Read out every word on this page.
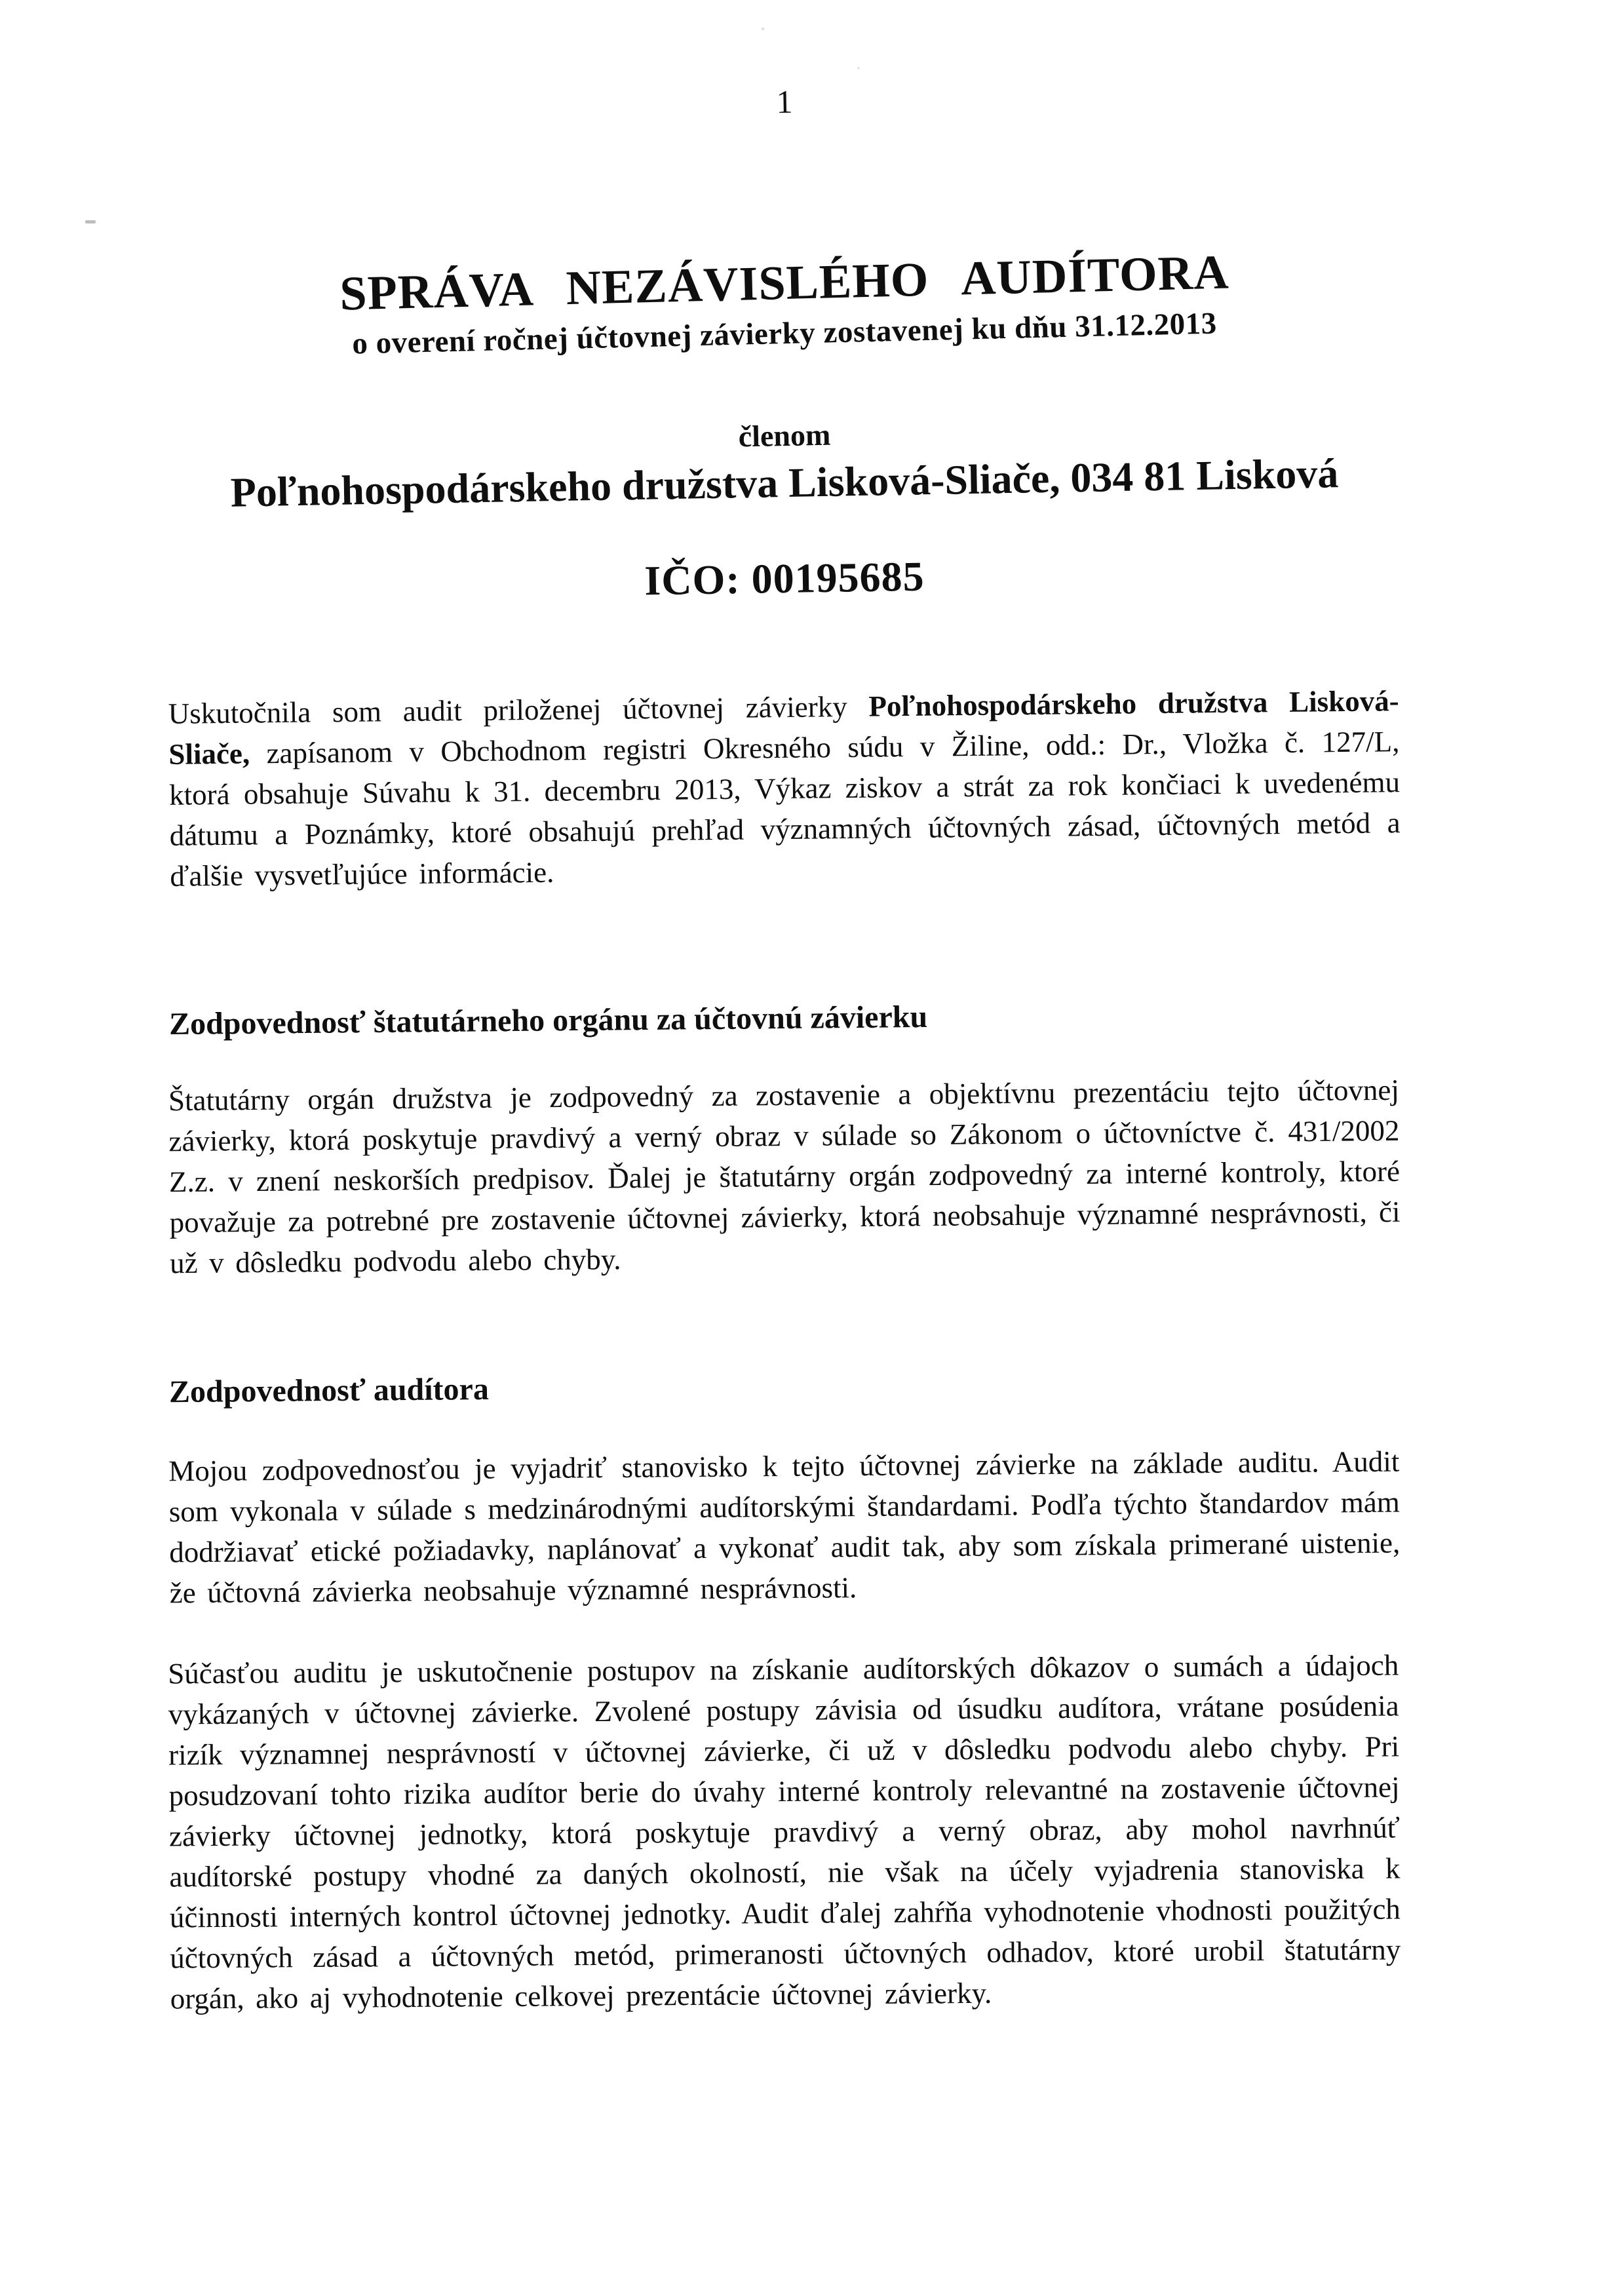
1
SPRÁVA NEZÁVISLÉHO AUDÍTORA
o overení ročnej účtovnej závierky zostavenej ku dňu 31.12.2013
členom
Poľnohospodárskeho družstva Lisková-Sliače, 034 81 Lisková
IČO: 00195685
Uskutočnila som audit priloženej účtovnej závierky Poľnohospodárskeho družstva Lisková-Sliače, zapísanom v Obchodnom registri Okresného súdu v Žiline, odd.: Dr., Vložka č. 127/L, ktorá obsahuje Súvahu k 31. decembru 2013, Výkaz ziskov a strát za rok končiaci k uvedenému dátumu a Poznámky, ktoré obsahujú prehľad významných účtovných zásad, účtovných metód a ďalšie vysvetľujúce informácie.
Zodpovednosť štatutárneho orgánu za účtovnú závierku
Štatutárny orgán družstva je zodpovedný za zostavenie a objektívnu prezentáciu tejto účtovnej závierky, ktorá poskytuje pravdivý a verný obraz v súlade so Zákonom o účtovníctve č. 431/2002 Z.z. v znení neskorších predpisov. Ďalej je štatutárny orgán zodpovedný za interné kontroly, ktoré považuje za potrebné pre zostavenie účtovnej závierky, ktorá neobsahuje významné nesprávnosti, či už v dôsledku podvodu alebo chyby.
Zodpovednosť audítora
Mojou zodpovednosťou je vyjadriť stanovisko k tejto účtovnej závierke na základe auditu. Audit som vykonala v súlade s medzinárodnými audítorskými štandardami. Podľa týchto štandardov mám dodržiavať etické požiadavky, naplánovať a vykonať audit tak, aby som získala primerané uistenie, že účtovná závierka neobsahuje významné nesprávnosti.
Súčasťou auditu je uskutočnenie postupov na získanie audítorských dôkazov o sumách a údajoch vykázaných v účtovnej závierke. Zvolené postupy závisia od úsudku audítora, vrátane posúdenia rizík významnej nesprávností v účtovnej závierke, či už v dôsledku podvodu alebo chyby. Pri posudzovaní tohto rizika audítor berie do úvahy interné kontroly relevantné na zostavenie účtovnej závierky účtovnej jednotky, ktorá poskytuje pravdivý a verný obraz, aby mohol navrhnúť audítorské postupy vhodné za daných okolností, nie však na účely vyjadrenia stanoviska k účinnosti interných kontrol účtovnej jednotky. Audit ďalej zahŕňa vyhodnotenie vhodnosti použitých účtovných zásad a účtovných metód, primeranosti účtovných odhadov, ktoré urobil štatutárny orgán, ako aj vyhodnotenie celkovej prezentácie účtovnej závierky.
